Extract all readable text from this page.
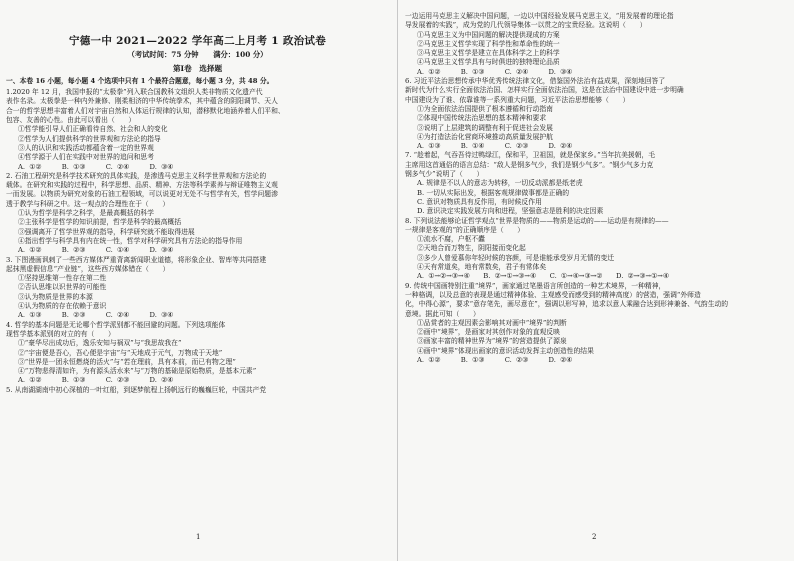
宁德一中 2021—2022 学年高二上月考 1 政治试卷
（考试时间：75 分钟　　满分：100 分）
第Ⅰ卷　选择题

一、本卷 16 小题，每小题 4 个选项中只有 1 个最符合题意，每小题 3 分，共 48 分。

1.2020 年 12 月，我国申报的“太极拳”列入联合国教科文组织人类非物质文化遗产代

表作名录。太极拳是一种内外兼修、刚柔相济的中华传统拳术，其中蕴含的阴阳调节、天人

合一的哲学思想丰富着人们对宇宙自然和人体运行规律的认知，潜移默化地涵养着人们平和、

包容、友善的心性。由此可以看出（　　）

①哲学能引导人们正确看待自然、社会和人的变化

②哲学为人们提供科学的世界观和方法论的指导

③人的认识和实践活动都蕴含着一定的世界观

④哲学源于人们在实践中对世界的追问和思考

A. ①②　　　B. ①③　　　C. ②④　　　D. ③④

2. 石油工程研究是科学技术研究的具体实践，是渗透马克思主义科学世界观和方法论的

载体。在研究和实践的过程中，科学思想、品质、精神、方法等科学素养与辩证唯物主义观

一而发展。以物质为研究对象的石油工程领域，可以说更对无处不与哲学有关，哲学问题渗

透于教学与科研之中。这一观点的合理性在于（　　）

①认为哲学是科学之科学，是最高概括的科学

②主张科学是哲学的知识前提，哲学是科学的最高概括

③强调离开了哲学世界观的指导，科学研究就不能取得进展

④指出哲学与科学具有内在统一性，哲学对科学研究具有方法论的指导作用

A. ①②　　　B. ②③　　　C. ①④　　　D. ③④

3. 下图漫画讽刺了一些西方媒体严重背离新闻职业道德，将形象企业、智库等共同搭建

起抹黑虚假信息“产业链”，这些西方媒体错在（　　）

①坚持思维第一性存在第二性

②否认思维以识世界的可能性

③认为物质是世界的本源

④认为物质的存在依赖于意识

A. ①③　　　B. ②③　　　C. ②④　　　D. ③④

4. 哲学的基本问题是无论哪个哲学派别都不能回避的问题。下列选项能体

现哲学基本派别的对立的有（　　）

①“豪华尽出成功后，逸乐安知与祸双”与“我思故我在”

②“宇宙便是吾心，吾心便是宇宙”与“天地成于元气，万物成于天地”

③“世界是一团永恒燃烧的活火”与“若在理前，具有本前，而已有物之理”

④“万物悲得清如许，为有源头活水来”与“万物的基础是原始物质，是基本元素”

A. ①②　　　B. ①③　　　C. ②③　　　D. ②④

5. 从南湖湖南中初心深植的一叶红船，到逐梦航程上扬帆远行的巍巍巨轮，中国共产党

一边运用马克思主义解决中国问题，一边以中国经验发展马克思主义，“用发展着的理论指

导发展着的实践”，成为党的几代领导集体一以贯之的宝贵经验。这说明（　　）

①马克思主义为中国问题的解决提供现成的方案

②马克思主义哲学实现了科学性和革命性的统一

③马克思主义哲学是建立在具体科学之上的科学

④马克思主义哲学具有与时俱进的独特理论品质

A. ①②　　　B. ①③　　　C. ②④　　　D. ③④

6. 习近平法治思想传承中华优秀传统法律文化，借鉴国外法治有益成果，深刻地回答了

新时代为什么实行全面依法治国、怎样实行全面依法治国，这是在法治中国建设中进一步明确

中国建设为了谁、依靠谁等一系列重大问题，习近平法治思想能够（　　）

①为全面依法治国提供了根本遵循和行动指南

②体现中国传统法治思想的基本精神和要求

③说明了上层建筑的调整有利于促进社会发展

④为打造法治化营商环境推动高质量发展护航

A. ①③　　　B. ①④　　　C. ②③　　　D. ②④

7. “趁着起，气吞吾待过鸭绿江，保和平，卫祖国，就是保家乡。”当年抗美援朝，毛

主席用这首通俗的语言总结：“敌人是钢多气少，我们是钢少气多”。“钢少气多力克

钢多气少”说明了（　　）

A. 规律是不以人的意志为转移，一切反动派都是纸老虎

B. 一切从实际出发，根据客观规律做事都是正确的

C. 意识对物质具有反作用，有时候反作用

D. 意识决定实践发展方向和进程，坚强意志是胜利的决定因素

8. 下列说法能够论证哲学观点“世界是物质的——物质是运动的——运动是有规律的——

一规律是客观的”的正确顺序是（　　）

①流水不腐，户枢不蠹

②天地合而万物生，阴阳接而变化起

③多少人曾爱慕你年轻时候的容颜，可是谁能承受岁月无情的变迁

④天有常道矣，地有常数矣，君子有常体矣

A. ①→②→③→④　　B. ②→①→③→④　　C. ①→④→③→②　　D. ②→③→①→④

9. 传统中国画特别注重“境界”，画家通过笔墨语言所创造的一种艺术境界，一种精神，

一种格调，以及总意的表现是通过精神体验、主观感受而感受到的精神高度）的营造，强调“外师造

化，中得心源”，要求“意存笔先，画尽意在”，强调以形写神，追求以意人乘融合达到形神兼备、气韵生动的

意境。据此可知（　　）

①品赏者的主观因素会影响其对画中“境界”的判断

②画中“境界”，是画家对其创作对象的直观反映

③画家丰富的精神世界为“境界”的营造提供了源泉

④画中“境界”体现出画家的意识活动发挥主动创造性的结果

A. ①②　　　B. ①③　　　C. ②③　　　D. ②④

1	2
